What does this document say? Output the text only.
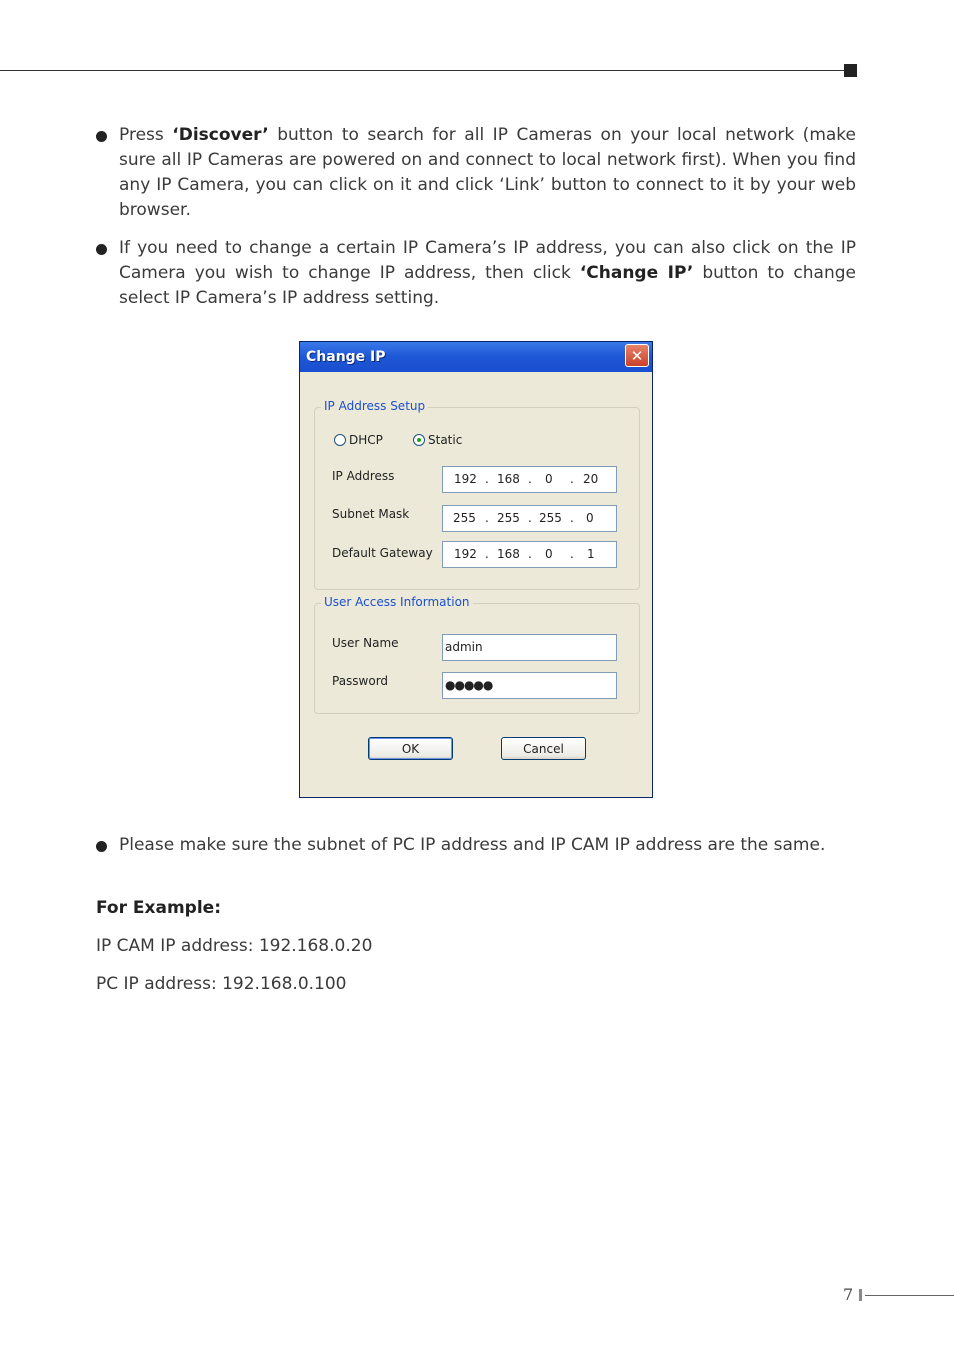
Press ‘Discover’ button to search for all IP Cameras on your local network (make sure all IP Cameras are powered on and connect to local network first). When you find any IP Camera, you can click on it and click ‘Link’ button to connect to it by your web browser.
If you need to change a certain IP Camera’s IP address, you can also click on the IP Camera you wish to change IP address, then click ‘Change IP’ button to change select IP Camera’s IP address setting.
Change IP	✕
IP Address Setup
DHCP	Static
IP Address	192 . 168 . 0 . 20
Subnet Mask	255 . 255 . 255 . 0
Default Gateway 192 . 168 . 0 . 1
User Access Information
User Name	admin
Password	●●●●●
OK	Cancel
Please make sure the subnet of PC IP address and IP CAM IP address are the same.
For Example:
IP CAM IP address: 192.168.0.20
PC IP address: 192.168.0.100
7
